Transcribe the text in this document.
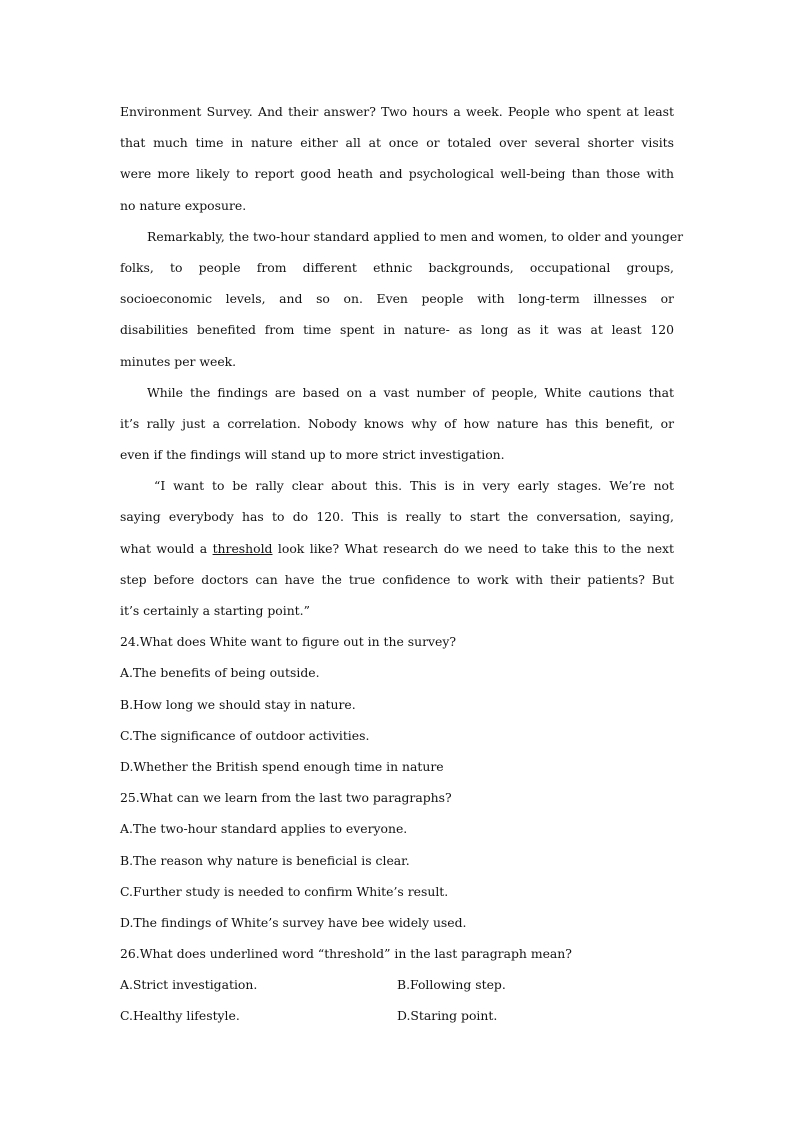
Environment Survey. And their answer? Two hours a week. People who spent at least
that much time in nature either all at once or totaled over several shorter visits
were more likely to report good heath and psychological well-being than those with
no nature exposure.
Remarkably, the two-hour standard applied to men and women, to older and younger
folks, to people from different ethnic backgrounds, occupational groups,
socioeconomic levels, and so on. Even people with long-term illnesses or
disabilities benefited from time spent in nature- as long as it was at least 120
minutes per week.
While the findings are based on a vast number of people, White cautions that
it’s rally just a correlation. Nobody knows why of how nature has this benefit, or
even if the findings will stand up to more strict investigation.
“I want to be rally clear about this. This is in very early stages. We’re not
saying everybody has to do 120. This is really to start the conversation, saying,
what would a threshold look like? What research do we need to take this to the next
step before doctors can have the true confidence to work with their patients? But
it’s certainly a starting point.”
24.What does White want to figure out in the survey?
A.The benefits of being outside.
B.How long we should stay in nature.
C.The significance of outdoor activities.
D.Whether the British spend enough time in nature
25.What can we learn from the last two paragraphs?
A.The two-hour standard applies to everyone.
B.The reason why nature is beneficial is clear.
C.Further study is needed to confirm White’s result.
D.The findings of White’s survey have bee widely used.
26.What does underlined word “threshold” in the last paragraph mean?
A.Strict investigation.	B.Following step.
C.Healthy lifestyle.	D.Staring point.
